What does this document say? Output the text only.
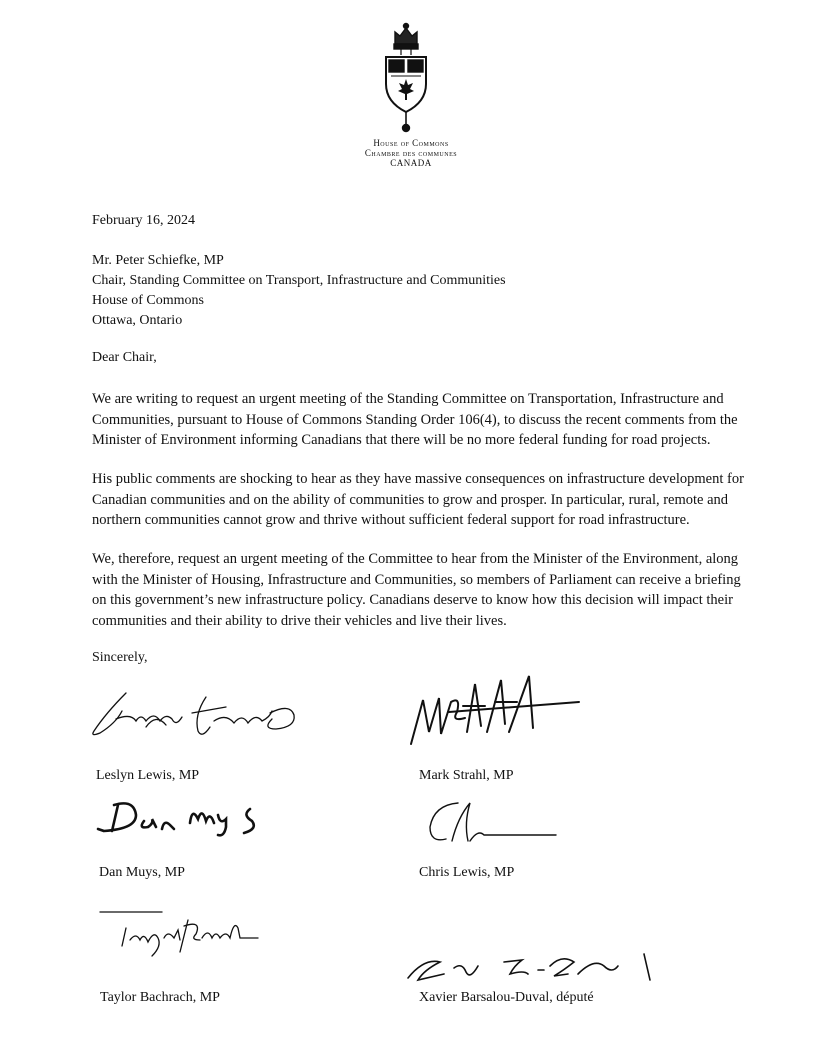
House of Commons
Chambre des communes
CANADA
February 16, 2024
Mr. Peter Schiefke, MP
Chair, Standing Committee on Transport, Infrastructure and Communities
House of Commons
Ottawa, Ontario
Dear Chair,
We are writing to request an urgent meeting of the Standing Committee on Transportation, Infrastructure and
Communities, pursuant to House of Commons Standing Order 106(4), to discuss the recent comments from the
Minister of Environment informing Canadians that there will be no more federal funding for road projects.
His public comments are shocking to hear as they have massive consequences on infrastructure development for
Canadian communities and on the ability of communities to grow and prosper. In particular, rural, remote and
northern communities cannot grow and thrive without sufficient federal support for road infrastructure.
We, therefore, request an urgent meeting of the Committee to hear from the Minister of the Environment, along
with the Minister of Housing, Infrastructure and Communities, so members of Parliament can receive a briefing
on this government’s new infrastructure policy. Canadians deserve to know how this decision will impact their
communities and their ability to drive their vehicles and live their lives.
Sincerely,
Leslyn Lewis, MP	Mark Strahl, MP
Dan Muys, MP	Chris Lewis, MP
Taylor Bachrach, MP	Xavier Barsalou-Duval, député
